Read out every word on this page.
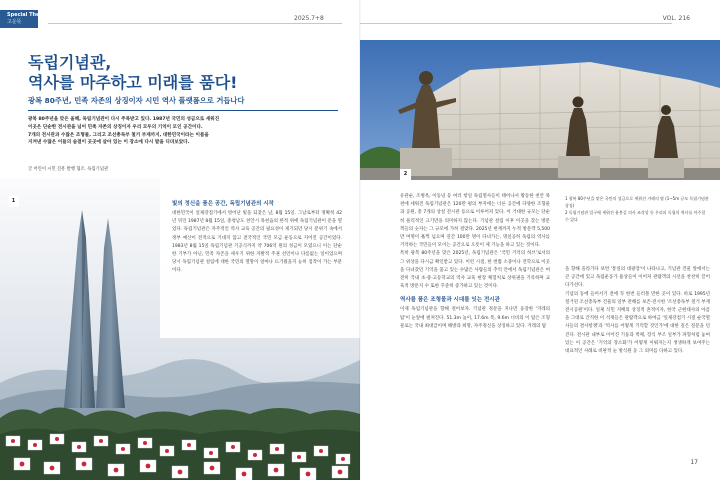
Special Theme
고운뜻	2025.7+8
독립기념관,
역사를 마주하고 미래를 품다!
광복 80주년, 민족 자존의 상징이자 시민 역사 플랫폼으로 거듭나다
광복 80주년을 맞은 올해, 독립기념관이 다시 주목받고 있다. 1987년 국민의 성금으로 세워진
이곳은 단순한 전시관을 넘어 민족 자존의 상징이자 우리 모두의 기억이 모인 공간이다.
7개의 전시관과 수많은 조형물, 그리고 조선총독부 철거 부재까지, 대한민국이라는 이름을
지켜낸 수많은 이들의 숨결이 곳곳에 살아 있는 이 장소에 다시 발을 디뎌보았다.
글 어린이 시민 진흥 발행 협조. 독립기념관
1	빛의 정신을 품은 공간, 독립기념관의 시작

대한민국이 일제강점기에서 벗어난 빛을 되찾은 날, 8월 15일. 그날로부터 정확히 42년 뒤인 1987년 8월 15일, 충청남도 천안시 목천읍의 한적 위에 독립기념관이 문을 열었다. 독립기념관은 자주적인 역사 교육 공간의 필요성이 제기되던 당시 분위기 속에서 정부 예산이 전적으로 기대지 않고 전국적인 국민 모금 운동으로 지어진 공간이었다. 1983년 8월 15일 독립기념관 기공식까지 약 706억 원의 성금이 모였으니 이는 단순한 기부가 아닌, 민족 자존을 세우기 위한 자발적 주권 선언이나 다름없는 일이었으며 당시 독립기념관 설립에 대한 국민의 열망이 얼마나 뜨거웠을지 능히 짐작이 가는 부분이다.

VOL. 216
2

유관순, 조병옥, 이동녕 등 여러 항일 독립열사들이 태어나서 활동한 천안 목천에 세워진 독립기념관은 120만 평의 부지에는 너른 공간에 다양한 조형물과 공원, 총 7개의 상설 전시관 등으로 이루어져 있다. 이 거대한 규모는 단순히 물리적인 크기만을 의미하지 않는다. 기념관 설립 이후 이곳을 찾는 방문객들의 숫자는 그 규모에 가히 걸맞다. 2025년 현재까지 누적 방문객 5,500만 여명이 훌쩍 넘으며 연간 100만 명이 다녀가는, 명실공히 독립의 역사를 기억하는 국민들이 모이는 공간으로 오롯이 제 기능을 하고 있는 것이다.

특히 광복 80주년을 맞은 2025년, 독립기념관은 '국민 기억의 허브'로서의 그 위상을 다시금 확인받고 있다. 이런 시점, 한 번쯤 소중이나 견학으로 이곳을 다녀갔던 기억을 품고 있는 수많은 사람들의 추억 안에서 독립기념관은 여전히 국내 초·중·고등학교의 역사 교육 현장 체험처로 상위권을 기록하며 교육적 방문지 수 또한 꾸준히 증가하고 있는 것이다.

역사를 품은 조형물과 시대를 잇는 전시관

이제 독립기념관을 향해 걸어보자. 기념관 정문을 지나면 웅장한 '겨레의 탑'이 눈앞에 펼쳐진다. 51.3m 높이, 17.6m 폭, 9.6m 너비의 이 탑은 조형물로는 국내 최대급이며 해방과 희망, 자주정신을 상징하고 있다. 겨레의 탑

1 광복 80주년을 맞은 국민의 성금으로 세워진 겨레의 탑 (1~5m 규모 독립기념관 상징)
2 독립기념관 입구에 세워진 윤봉길 의사 조각상 등 우리의 독립의 역사를 마주할 수 있다

을 향해 올라가다 보면 '통일의 대광장'이 나타나고, 기념관 건물 앞에서는 큰 공간에 있고 독립운동가 흉상들이 이어져 관람객의 시선을 찬찬히 끌어 다가선다.

기념의 동에 들어서기 전에 꼭 한번 들러볼 만한 곳이 있다. 바로 1995년 철거된 조선총독부 건물의 일부 잔해를 보존·전시한 '조선총독부 철거 부재 전시공원'이다. 일제 식민 지배의 상징적 흔적이자, 한국 근현대사의 아픔을 그대로 간직한 이 석재들은 관람객으로 하여금 '일제강점기 시절 순국열사들의 결사항쟁'과 '역사를 어떻게 기억할 것인가'에 대한 깊은 질문을 던진다. 전시관 내부로 이어진 기둥과 벽체, 장식 부조 일부가 파형처럼 놓여 있는 이 공간은 '기억의 장소화'가 어떻게 이뤄지는지 생생하게 보여주는 대표적인 사례로 비판적 눈 방식원 동 그 의미를 다하고 있다.

17
